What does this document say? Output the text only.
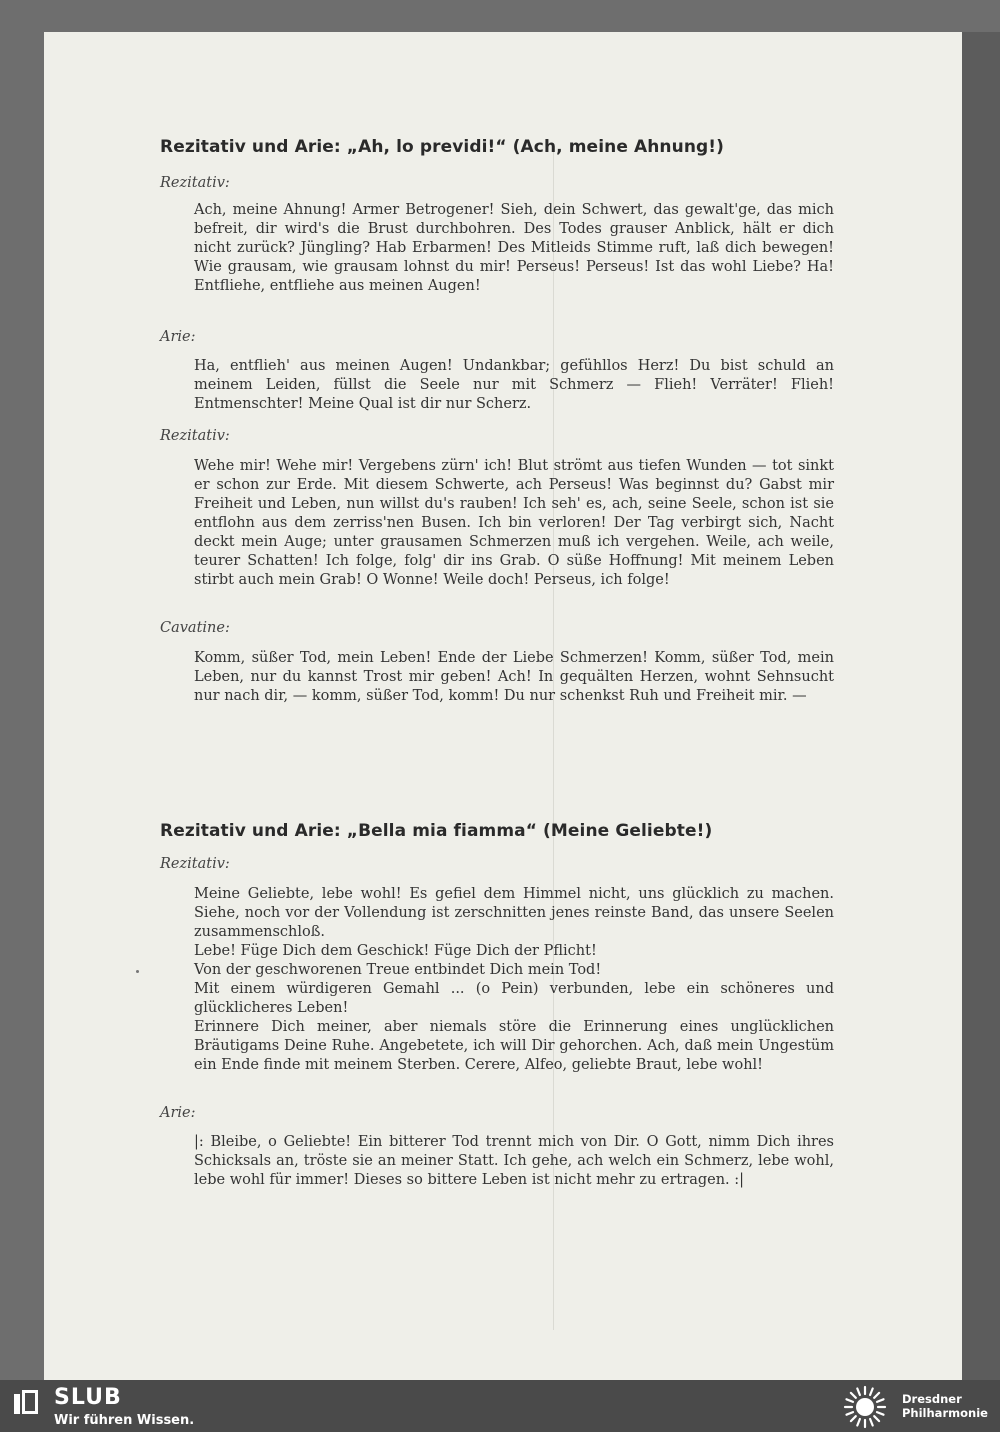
Rezitativ und Arie: „Ah, lo previdi!“ (Ach, meine Ahnung!)
Rezitativ:
Ach, meine Ahnung! Armer Betrogener! Sieh, dein Schwert, das gewalt'ge, das mich befreit, dir wird's die Brust durchbohren. Des Todes grauser Anblick, hält er dich nicht zurück? Jüngling? Hab Erbarmen! Des Mitleids Stimme ruft, laß dich bewegen! Wie grausam, wie grausam lohnst du mir! Perseus! Perseus! Ist das wohl Liebe? Ha! Entfliehe, entfliehe aus meinen Augen!
Arie:
Ha, entflieh' aus meinen Augen! Undankbar; gefühllos Herz! Du bist schuld an meinem Leiden, füllst die Seele nur mit Schmerz — Flieh! Verräter! Flieh! Entmenschter! Meine Qual ist dir nur Scherz.
Rezitativ:
Wehe mir! Wehe mir! Vergebens zürn' ich! Blut strömt aus tiefen Wunden — tot sinkt er schon zur Erde. Mit diesem Schwerte, ach Perseus! Was beginnst du? Gabst mir Freiheit und Leben, nun willst du's rauben! Ich seh' es, ach, seine Seele, schon ist sie entflohn aus dem zerriss'nen Busen. Ich bin verloren! Der Tag verbirgt sich, Nacht deckt mein Auge; unter grausamen Schmerzen muß ich vergehen. Weile, ach weile, teurer Schatten! Ich folge, folg' dir ins Grab. O süße Hoffnung! Mit meinem Leben stirbt auch mein Grab! O Wonne! Weile doch! Perseus, ich folge!
Cavatine:
Komm, süßer Tod, mein Leben! Ende der Liebe Schmerzen! Komm, süßer Tod, mein Leben, nur du kannst Trost mir geben! Ach! In gequälten Herzen, wohnt Sehnsucht nur nach dir, — komm, süßer Tod, komm! Du nur schenkst Ruh und Freiheit mir. —
Rezitativ und Arie: „Bella mia fiamma“ (Meine Geliebte!)
Rezitativ:

Meine Geliebte, lebe wohl! Es gefiel dem Himmel nicht, uns glücklich zu machen. Siehe, noch vor der Vollendung ist zerschnitten jenes reinste Band, das unsere Seelen zusammenschloß.

Lebe! Füge Dich dem Geschick! Füge Dich der Pflicht!

Von der geschworenen Treue entbindet Dich mein Tod!

Mit einem würdigeren Gemahl ... (o Pein) verbunden, lebe ein schöneres und glücklicheres Leben!

Erinnere Dich meiner, aber niemals störe die Erinnerung eines unglücklichen Bräutigams Deine Ruhe. Angebetete, ich will Dir gehorchen. Ach, daß mein Ungestüm ein Ende finde mit meinem Sterben. Cerere, Alfeo, geliebte Braut, lebe wohl!

Arie:
|: Bleibe, o Geliebte! Ein bitterer Tod trennt mich von Dir. O Gott, nimm Dich ihres Schicksals an, tröste sie an meiner Statt. Ich gehe, ach welch ein Schmerz, lebe wohl, lebe wohl für immer! Dieses so bittere Leben ist nicht mehr zu ertragen. :|
SLUB
Wir führen Wissen.
Dresdner
Philharmonie
